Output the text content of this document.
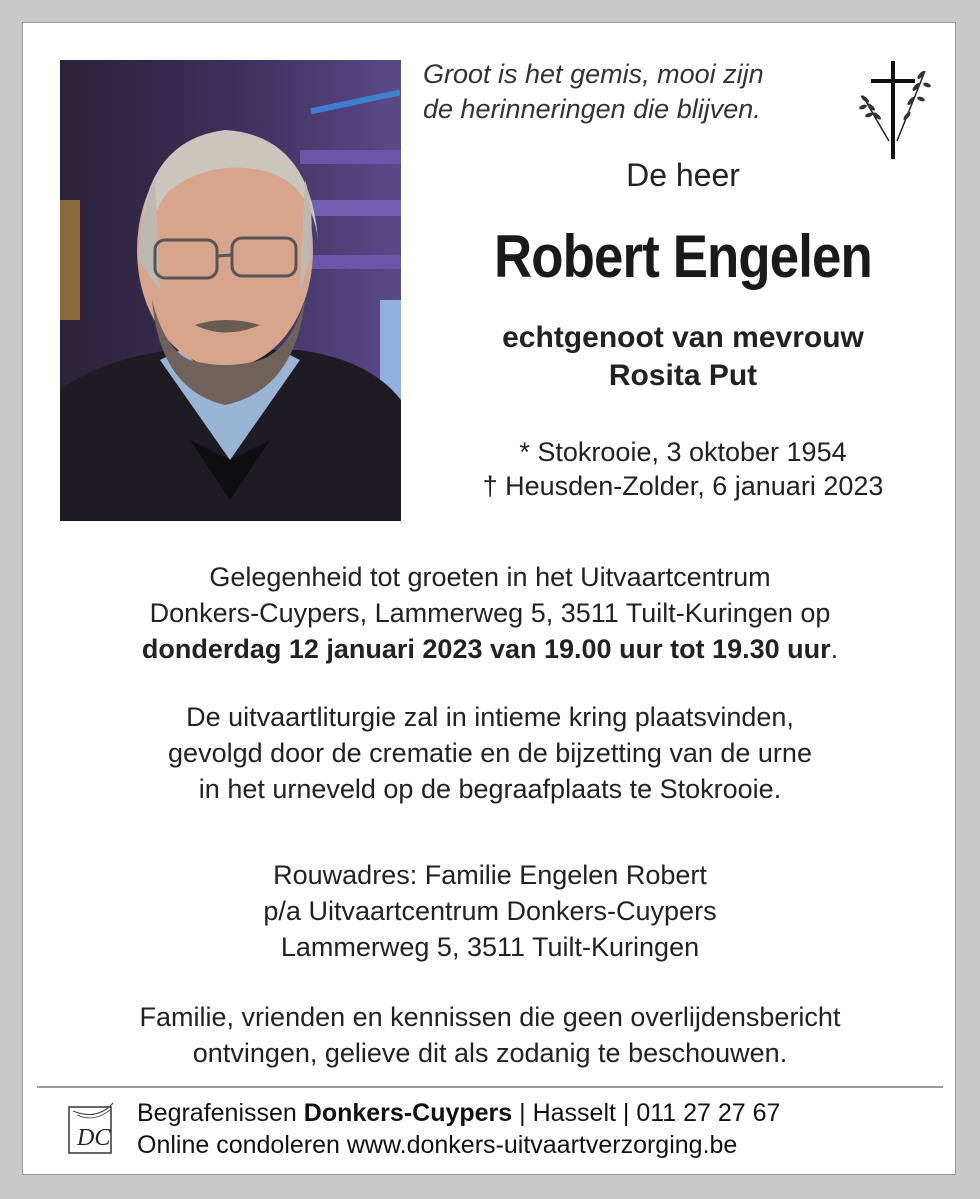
Groot is het gemis, mooi zijn
de herinneringen die blijven.
De heer
Robert Engelen
echtgenoot van mevrouw
Rosita Put
* Stokrooie, 3 oktober 1954
† Heusden-Zolder, 6 januari 2023
Gelegenheid tot groeten in het Uitvaartcentrum
Donkers-Cuypers, Lammerweg 5, 3511 Tuilt-Kuringen op
donderdag 12 januari 2023 van 19.00 uur tot 19.30 uur.
De uitvaartliturgie zal in intieme kring plaatsvinden,
gevolgd door de crematie en de bijzetting van de urne
in het urneveld op de begraafplaats te Stokrooie.
Rouwadres: Familie Engelen Robert
p/a Uitvaartcentrum Donkers-Cuypers
Lammerweg 5, 3511 Tuilt-Kuringen
Familie, vrienden en kennissen die geen overlijdensbericht
ontvingen, gelieve dit als zodanig te beschouwen.
DC
Begrafenissen Donkers-Cuypers | Hasselt | 011 27 27 67
Online condoleren www.donkers-uitvaartverzorging.be
